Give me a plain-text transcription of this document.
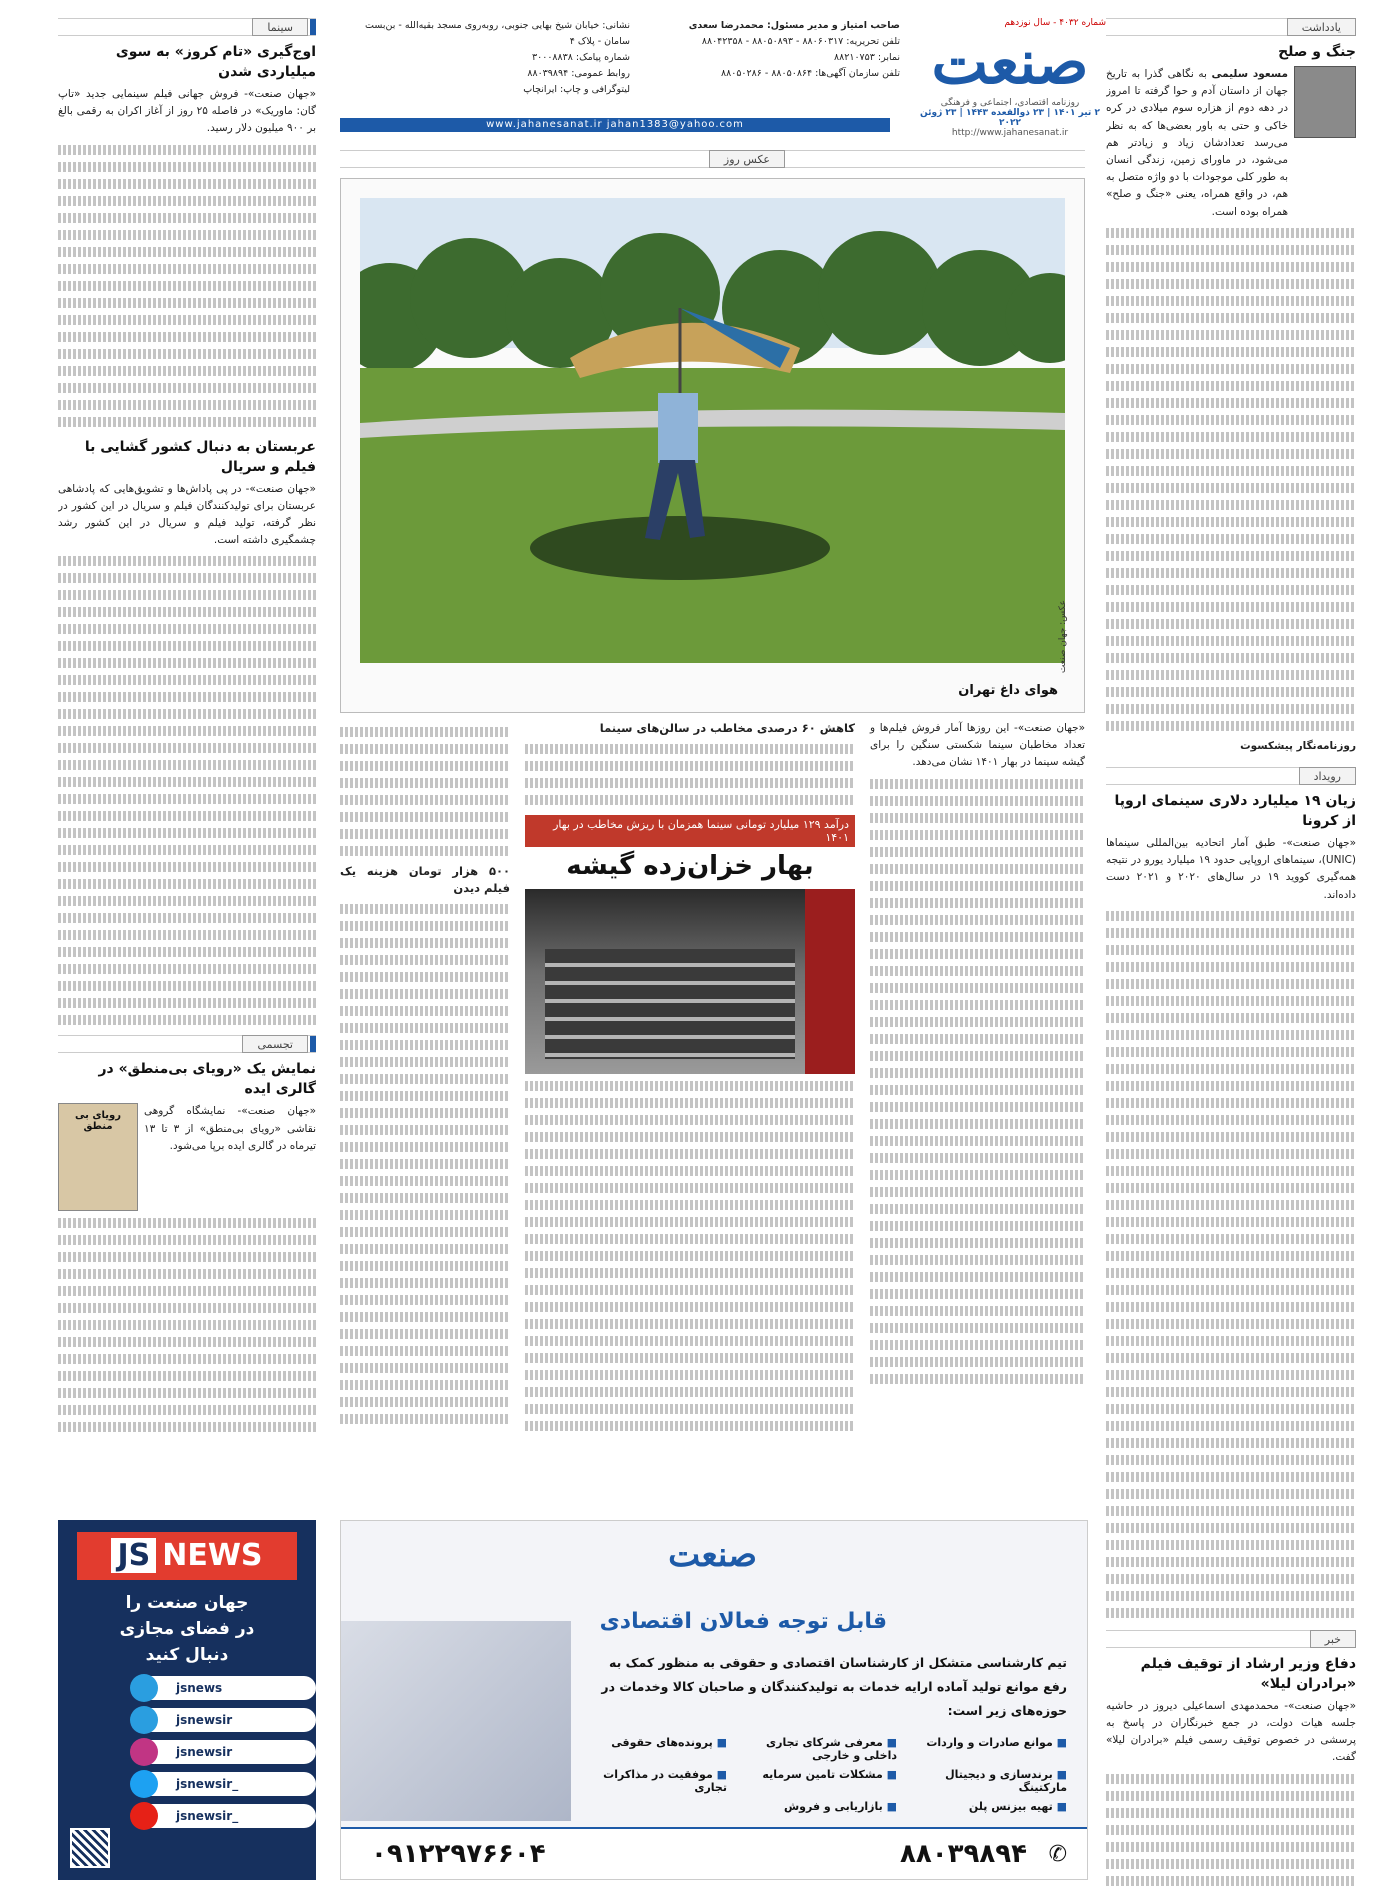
شماره ۴۰۳۲ - سال نوزدهم
صنعت
روزنامه اقتصادی، اجتماعی و فرهنگی
۲ تیر ۱۴۰۱ | ۲۳ ذوالقعده ۱۴۴۳ | ۲۳ ژوئن ۲۰۲۲
http://www.jahanesanat.ir
صاحب امتیاز و مدیر مسئول: محمدرضا سعدی
تلفن تحریریه: ۸۸۰۶۰۳۱۷ - ۸۸۰۵۰۸۹۳ - ۸۸۰۴۲۳۵۸
نمابر: ۸۸۲۱۰۷۵۳
تلفن سازمان آگهی‌ها: ۸۸۰۵۰۸۶۴ - ۸۸۰۵۰۲۸۶
نشانی: خیابان شیخ بهایی جنوبی، روبه‌روی مسجد بقیه‌الله - بن‌بست سامان - پلاک ۴
شماره پیامک: ۳۰۰۰۸۸۳۸
روابط عمومی: ۸۸۰۳۹۸۹۴
لیتوگرافی و چاپ: ایرانچاپ
www.jahanesanat.ir jahan1383@yahoo.com
یادداشت
جنگ و صلح
مسعود سلیمی به نگاهی گذرا به تاریخ جهان از داستان آدم و حوا گرفته تا امروز در دهه دوم از هزاره سوم میلادی در کره خاکی و حتی به باور بعضی‌ها که به نظر می‌رسد تعدادشان زیاد و زیادتر هم می‌شود، در ماورای زمین، زندگی انسان به طور کلی موجودات با دو واژه متصل به هم، در واقع همراه، یعنی «جنگ و صلح» همراه بوده است.
روزنامه‌نگار پیشکسوت
رویداد
زیان ۱۹ میلیارد دلاری سینمای اروپا از کرونا
«جهان صنعت»- طبق آمار اتحادیه بین‌المللی سینماها (UNIC)، سینماهای اروپایی حدود ۱۹ میلیارد یورو در نتیجه همه‌گیری کووید ۱۹ در سال‌های ۲۰۲۰ و ۲۰۲۱ دست داده‌اند.
خبر
دفاع وزیر ارشاد از توقیف فیلم «برادران لیلا»
«جهان صنعت»- محمدمهدی اسماعیلی دیروز در حاشیه جلسه هیات دولت، در جمع خبرنگاران در پاسخ به پرسشی در خصوص توقیف رسمی فیلم «برادران لیلا» گفت.
سینما
اوج‌گیری «تام کروز» به سوی میلیاردی شدن
«جهان صنعت»- فروش جهانی فیلم سینمایی جدید «تاپ گان: ماوریک» در فاصله ۲۵ روز از آغاز اکران به رقمی بالغ بر ۹۰۰ میلیون دلار رسید.
عربستان به دنبال کشور گشایی با فیلم و سریال
«جهان صنعت»- در پی پاداش‌ها و تشویق‌هایی که پادشاهی عربستان برای تولیدکنندگان فیلم و سریال در این کشور در نظر گرفته، تولید فیلم و سریال در این کشور رشد چشمگیری داشته است.
تجسمی
نمایش یک «رویای بی‌منطق» در گالری ایده
«جهان صنعت»- نمایشگاه گروهی نقاشی «رویای بی‌منطق» از ۳ تا ۱۳ تیرماه در گالری ایده برپا می‌شود.
رویای بی منطق
عکس روز
هوای داغ تهران
عکس: جهان صنعت
«جهان صنعت»- این روزها آمار فروش فیلم‌ها و تعداد مخاطبان سینما شکستی سنگین را برای گیشه سینما در بهار ۱۴۰۱ نشان می‌دهد.
کاهش ۶۰ درصدی مخاطب در سالن‌های سینما
درآمد ۱۲۹ میلیارد تومانی سینما همزمان با ریزش مخاطب در بهار ۱۴۰۱
بهار خزان‌زده گیشه
۵۰۰ هزار تومان هزینه یک فیلم دیدن
صنعت
قابل توجه فعالان اقتصادی
تیم کارشناسی متشکل از کارشناسان اقتصادی و حقوقی به منظور کمک به رفع موانع تولید آماده ارایه خدمات به تولیدکنندگان و صاحبان کالا وخدمات در حوزه‌های زیر است:
■ موانع صادرات و واردات
■ معرفی شرکای تجاری داخلی و خارجی
■ پرونده‌های حقوقی
■ برندسازی و دیجیتال مارکتینگ
■ مشکلات تامین سرمایه
■ موفقیت در مذاکرات تجاری
■ تهیه بیزنس پلن
■ بازاریابی و فروش
✆
۸۸۰۳۹۸۹۴
۰۹۱۲۲۹۷۶۶۰۴
JS NEWS
جهان صنعت را
در فضای مجازی
دنبال کنید
jsnews
jsnewsir
jsnewsir
jsnewsir_
jsnewsir_
